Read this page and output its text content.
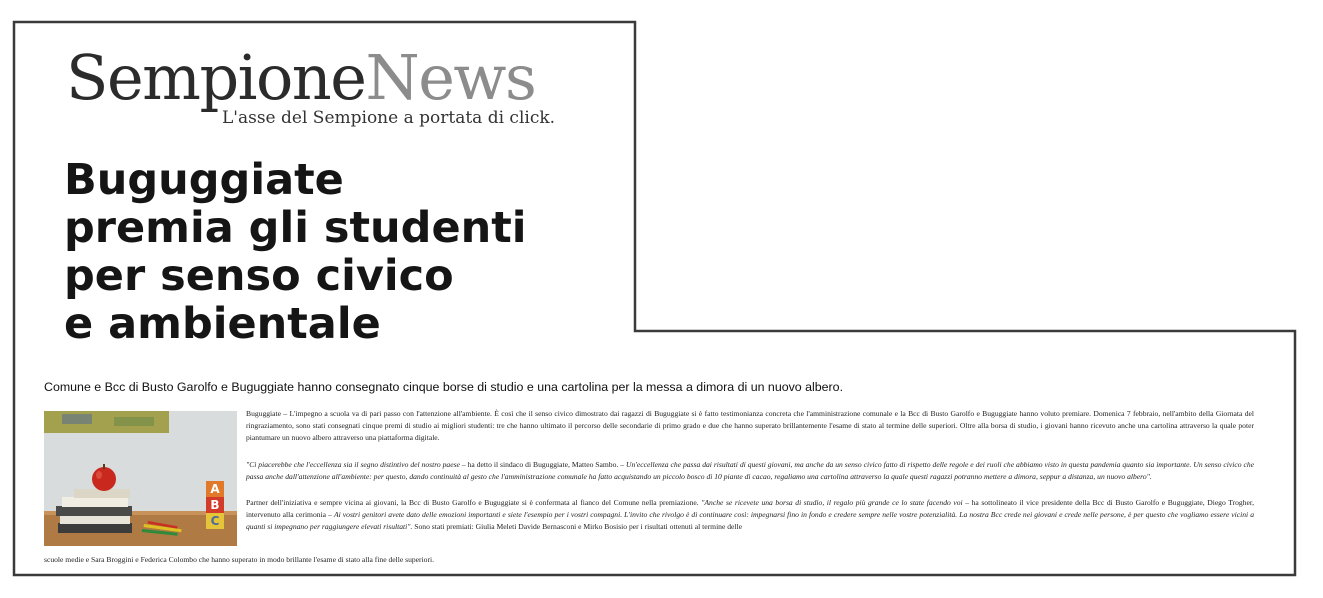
SempioneNews
L'asse del Sempione a portata di click.
Buguggiate
premia gli studenti
per senso civico
e ambientale

Comune e Bcc di Busto Garolfo e Buguggiate hanno consegnato cinque borse di studio e una cartolina per la messa a dimora di un nuovo albero.

A
B
C

Buguggiate – L'impegno a scuola va di pari passo con l'attenzione all'ambiente. È così che il senso civico dimostrato dai ragazzi di Buguggiate si è fatto testimonianza concreta che l'amministrazione comunale e la Bcc di Busto Garolfo e Buguggiate hanno voluto premiare. Domenica 7 febbraio, nell'ambito della Giornata del ringraziamento, sono stati consegnati cinque premi di studio ai migliori studenti: tre che hanno ultimato il percorso delle secondarie di primo grado e due che hanno superato brillantemente l'esame di stato al termine delle superiori. Oltre alla borsa di studio, i giovani hanno ricevuto anche una cartolina attraverso la quale poter piantumare un nuovo albero attraverso una piattaforma digitale.

"Ci piacerebbe che l'eccellenza sia il segno distintivo del nostro paese – ha detto il sindaco di Buguggiate, Matteo Sambo. – Un'eccellenza che passa dai risultati di questi giovani, ma anche da un senso civico fatto di rispetto delle regole e dei ruoli che abbiamo visto in questa pandemia quanto sia importante. Un senso civico che passa anche dall'attenzione all'ambiente: per questo, dando continuità al gesto che l'amministrazione comunale ha fatto acquistando un piccolo bosco di 10 piante di cacao, regaliamo una cartolina attraverso la quale questi ragazzi potranno mettere a dimora, seppur a distanza, un nuovo albero".

Partner dell'iniziativa e sempre vicina ai giovani, la Bcc di Busto Garolfo e Buguggiate si è confermata al fianco del Comune nella premiazione. "Anche se ricevete una borsa di studio, il regalo più grande ce lo state facendo voi – ha sottolineato il vice presidente della Bcc di Busto Garolfo e Buguggiate, Diego Trogher, intervenuto alla cerimonia – Ai vostri genitori avete dato delle emozioni importanti e siete l'esempio per i vostri compagni. L'invito che rivolgo è di continuare così: impegnarsi fino in fondo e credere sempre nelle vostre potenzialità. La nostra Bcc crede nei giovani e crede nelle persone, è per questo che vogliamo essere vicini a quanti si impegnano per raggiungere elevati risultati". Sono stati premiati: Giulia Meleti Davide Bernasconi e Mirko Bosisio per i risultati ottenuti al termine delle

scuole medie e Sara Broggini e Federica Colombo che hanno superato in modo brillante l'esame di stato alla fine delle superiori.
